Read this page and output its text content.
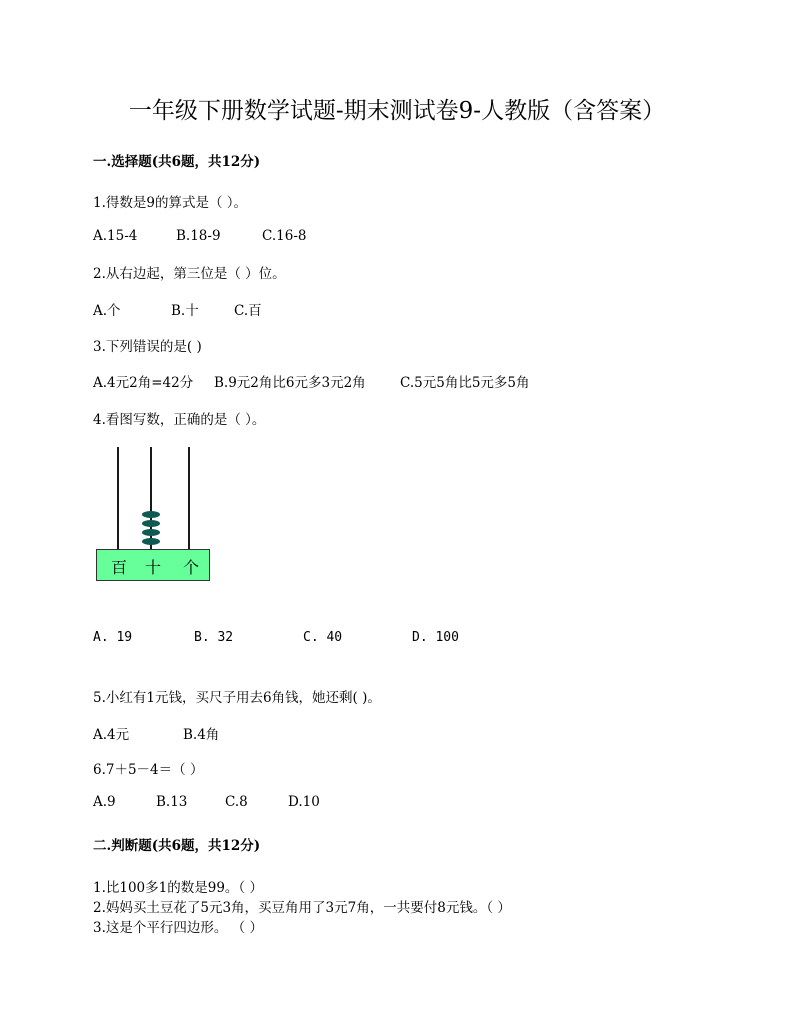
一年级下册数学试题-期末测试卷9-人教版（含答案）
一.选择题(共6题，共12分)
1.得数是9的算式是（ ）。
A.15-4	B.18-9	C.16-8
2.从右边起，第三位是（ ）位。
A.个	B.十	C.百
3.下列错误的是( )
A.4元2角=42分 B.9元2角比6元多3元2角	C.5元5角比5元多5角
4.看图写数，正确的是（ ）。
百 十 个
A. 19	B. 32	C. 40	D. 100
5.小红有1元钱，买尺子用去6角钱，她还剩( )。
A.4元	B.4角
6.7＋5－4＝（ ）
A.9	B.13	C.8	D.10
二.判断题(共6题，共12分)
1.比100多1的数是99。（ ）
2.妈妈买土豆花了5元3角，买豆角用了3元7角，一共要付8元钱。（ ）
3.这是个平行四边形。 （ ）
